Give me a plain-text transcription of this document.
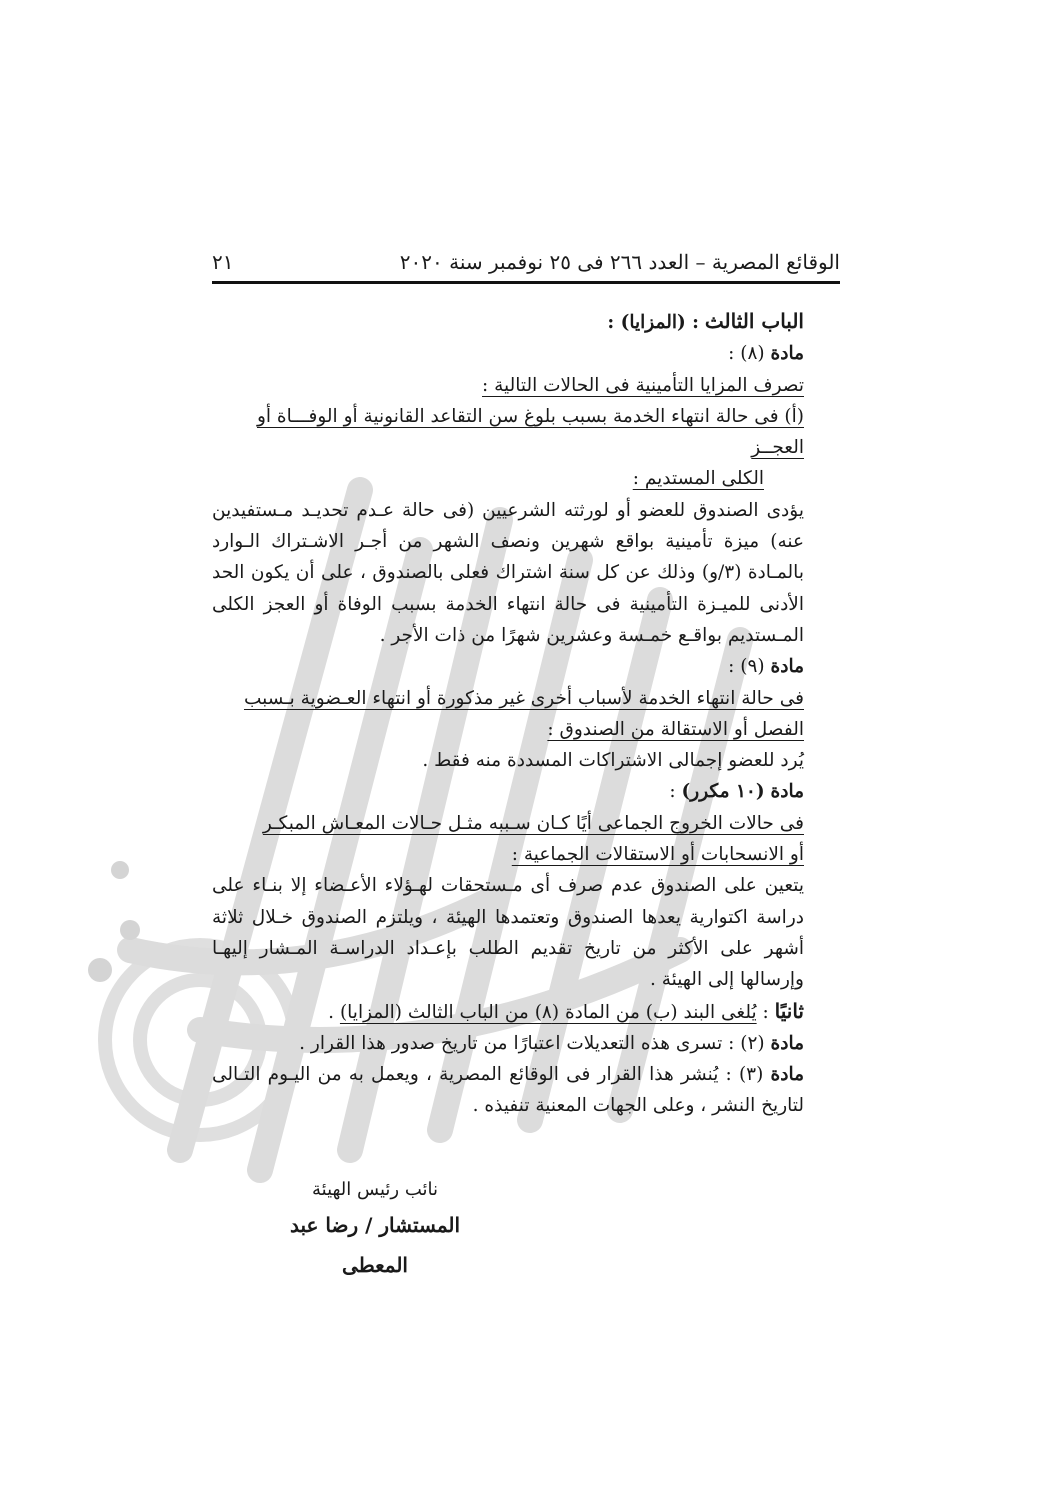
الوقائع المصرية – العدد ٢٦٦ فى ٢٥ نوفمبر سنة ٢٠٢٠
٢١

الباب الثالث : (المزايا) :

مادة (٨) :

تصرف المزايا التأمينية فى الحالات التالية :

(أ) فى حالة انتهاء الخدمة بسبب بلوغ سن التقاعد القانونية أو الوفـــاة أو العجــز

الكلى المستديم :

يؤدى الصندوق للعضو أو لورثته الشرعيين (فى حالة عـدم تحديـد مـستفيدين عنه) ميزة تأمينية بواقع شهرين ونصف الشهر من أجـر الاشـتراك الـوارد بالمـادة (٣/و) وذلك عن كل سنة اشتراك فعلى بالصندوق ، على أن يكون الحد الأدنى للميـزة التأمينية فى حالة انتهاء الخدمة بسبب الوفاة أو العجز الكلى المـستديم بواقـع خمـسة وعشرين شهرًا من ذات الأجر .

مادة (٩) :

فى حالة انتهاء الخدمة لأسباب أخرى غير مذكورة أو انتهاء العـضوية بـسبب

الفصل أو الاستقالة من الصندوق :

يُرد للعضو إجمالى الاشتراكات المسددة منه فقط .

مادة (١٠ مكرر) :

فى حالات الخروج الجماعى أيًا كـان سـببه مثـل حـالات المعـاش المبكـر

أو الانسحابات أو الاستقالات الجماعية :

يتعين على الصندوق عدم صرف أى مـستحقات لهـؤلاء الأعـضاء إلا بنـاء على دراسة اكتوارية يعدها الصندوق وتعتمدها الهيئة ، ويلتزم الصندوق خـلال ثلاثة أشهر على الأكثر من تاريخ تقديم الطلب بإعـداد الدراسـة المـشار إليهـا وإرسالها إلى الهيئة .

ثانيًا : يُلغى البند (ب) من المادة (٨) من الباب الثالث (المزايا) .

مادة (٢) : تسرى هذه التعديلات اعتبارًا من تاريخ صدور هذا القرار .

مادة (٣) : يُنشر هذا القرار فى الوقائع المصرية ، ويعمل به من اليـوم التـالى لتاريخ النشر ، وعلى الجهات المعنية تنفيذه .

نائب رئيس الهيئة
المستشار / رضا عبد المعطى
